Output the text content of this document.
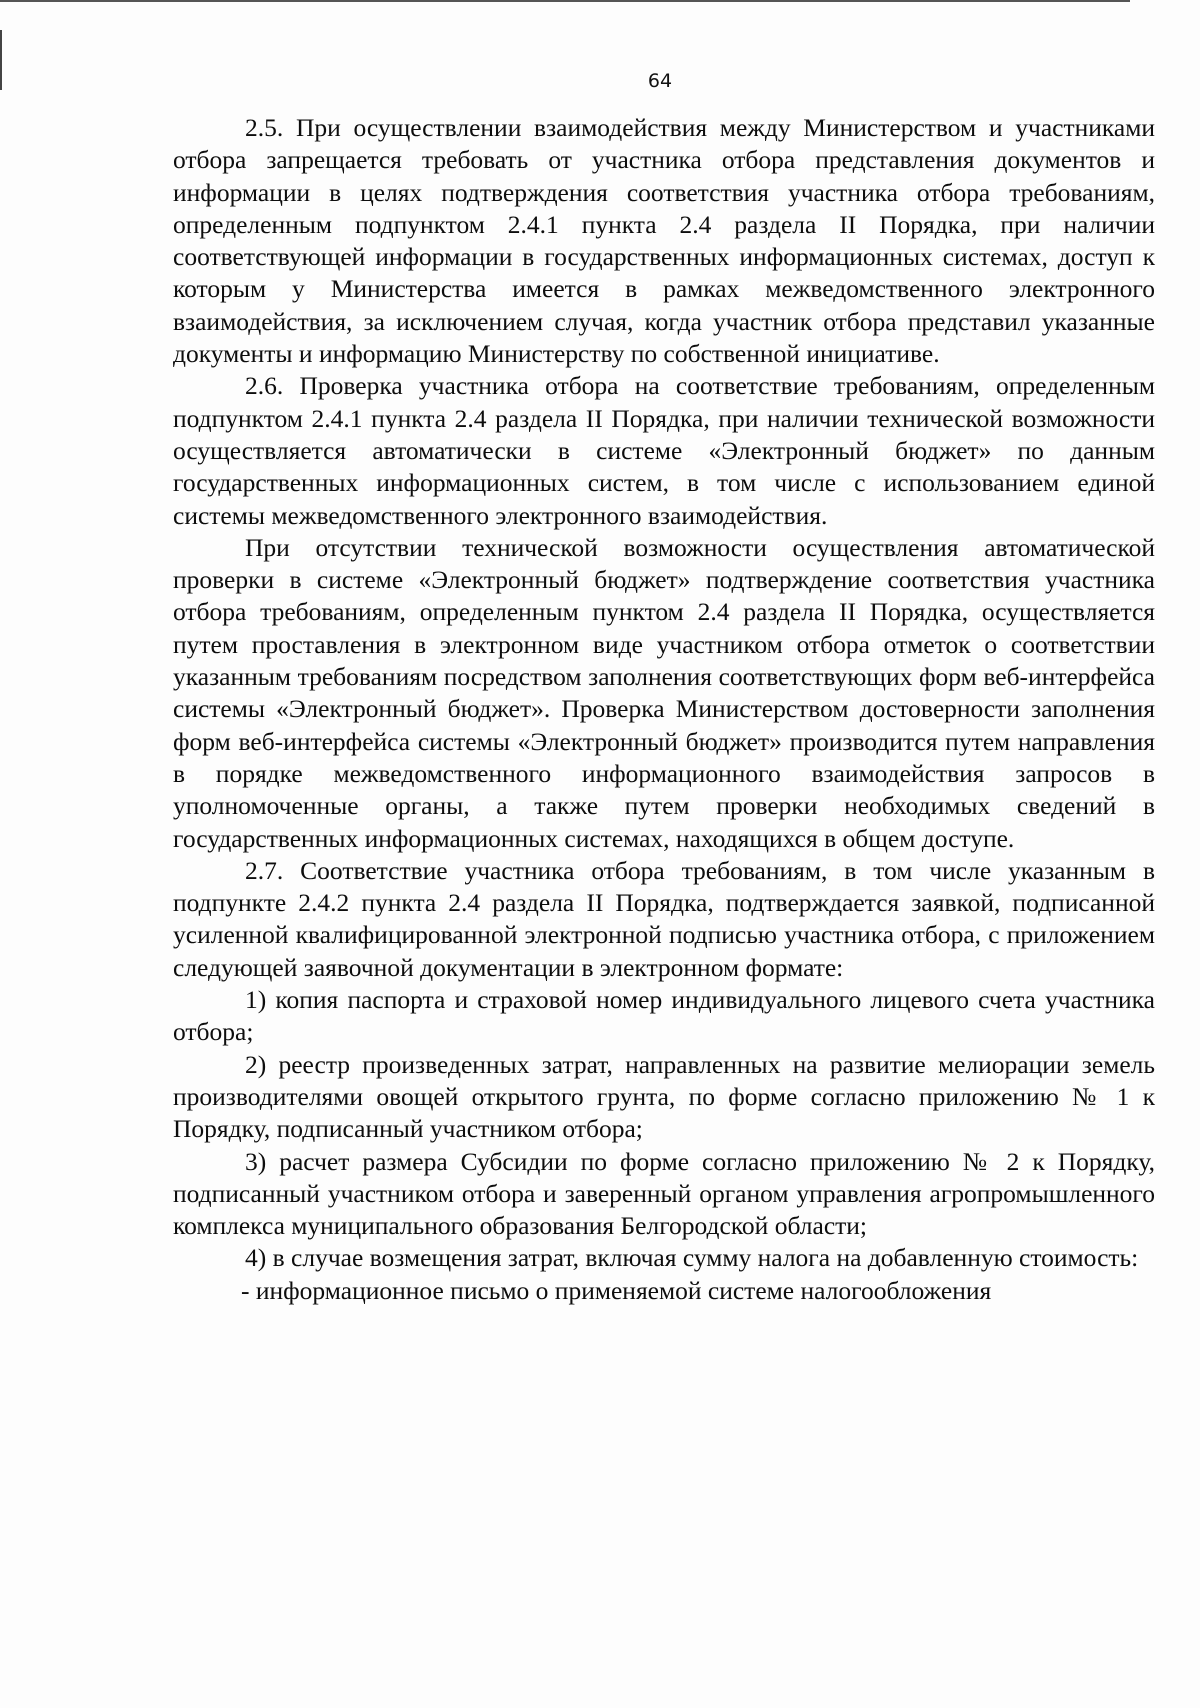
64

2.5. При осуществлении взаимодействия между Министерством и участниками отбора запрещается требовать от участника отбора представления документов и информации в целях подтверждения соответствия участника отбора требованиям, определенным подпунктом 2.4.1 пункта 2.4 раздела II Порядка, при наличии соответствующей информации в государственных информационных системах, доступ к которым у Министерства имеется в рамках межведомственного электронного взаимодействия, за исключением случая, когда участник отбора представил указанные документы и информацию Министерству по собственной инициативе.

2.6. Проверка участника отбора на соответствие требованиям, определенным подпунктом 2.4.1 пункта 2.4 раздела II Порядка, при наличии технической возможности осуществляется автоматически в системе «Электронный бюджет» по данным государственных информационных систем, в том числе с использованием единой системы межведомственного электронного взаимодействия.

При отсутствии технической возможности осуществления автоматической проверки в системе «Электронный бюджет» подтверждение соответствия участника отбора требованиям, определенным пунктом 2.4 раздела II Порядка, осуществляется путем проставления в электронном виде участником отбора отметок о соответствии указанным требованиям посредством заполнения соответствующих форм веб-интерфейса системы «Электронный бюджет». Проверка Министерством достоверности заполнения форм веб-интерфейса системы «Электронный бюджет» производится путем направления в порядке межведомственного информационного взаимодействия запросов в уполномоченные органы, а также путем проверки необходимых сведений в государственных информационных системах, находящихся в общем доступе.

2.7. Соответствие участника отбора требованиям, в том числе указанным в подпункте 2.4.2 пункта 2.4 раздела II Порядка, подтверждается заявкой, подписанной усиленной квалифицированной электронной подписью участника отбора, с приложением следующей заявочной документации в электронном формате:

1) копия паспорта и страховой номер индивидуального лицевого счета участника отбора;

2) реестр произведенных затрат, направленных на развитие мелиорации земель производителями овощей открытого грунта, по форме согласно приложению № 1 к Порядку, подписанный участником отбора;

3) расчет размера Субсидии по форме согласно приложению № 2 к Порядку, подписанный участником отбора и заверенный органом управления агропромышленного комплекса муниципального образования Белгородской области;

4) в случае возмещения затрат, включая сумму налога на добавленную стоимость:

- информационное письмо о применяемой системе налогообложения
